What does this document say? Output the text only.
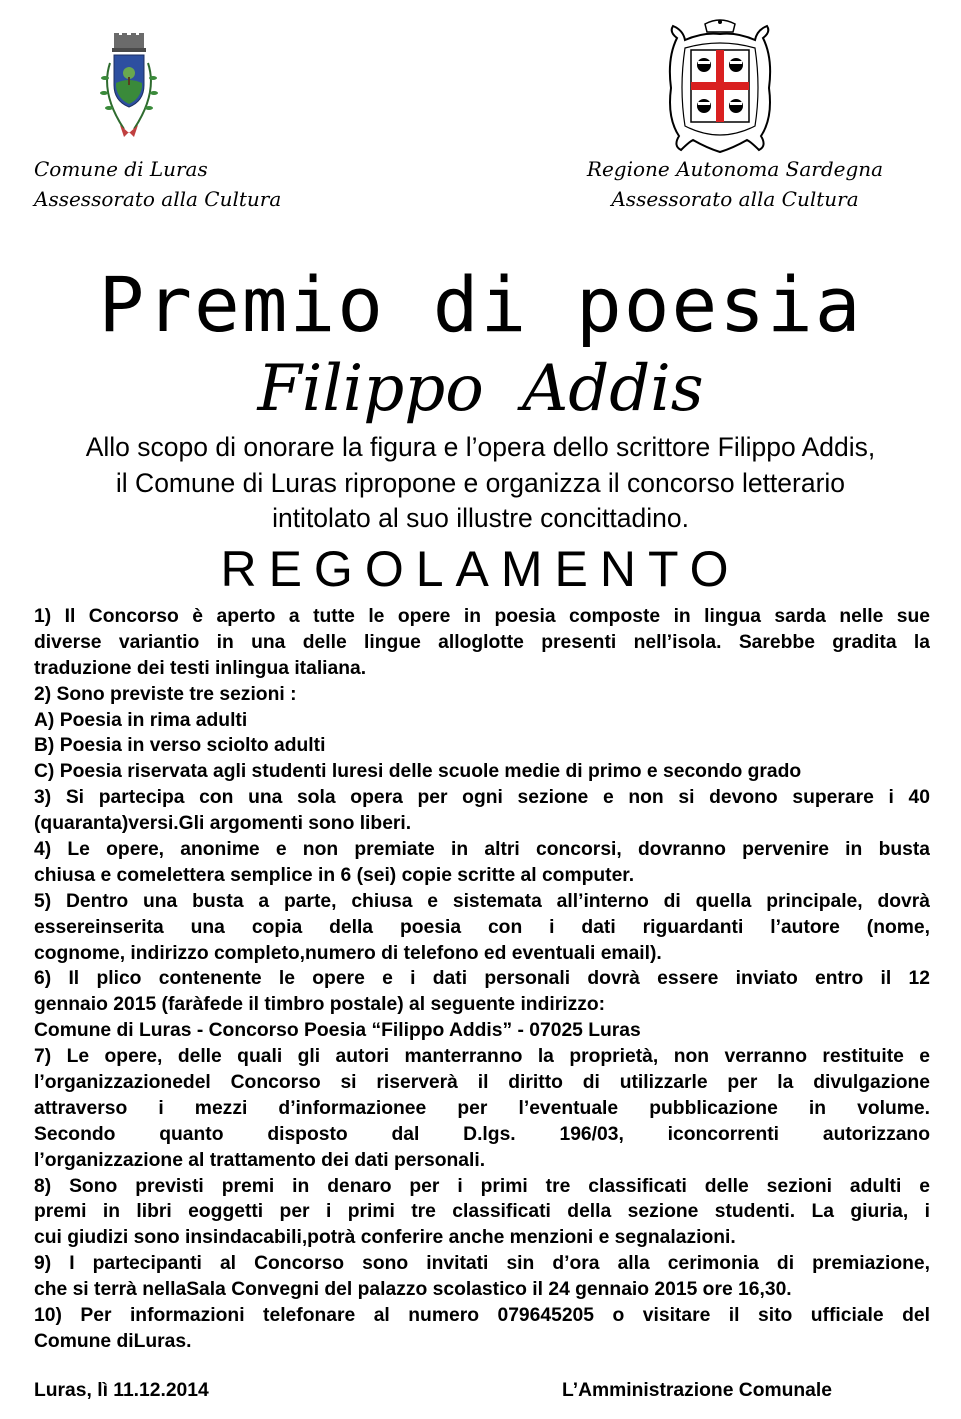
Comune di Luras
Assessorato alla Cultura
Regione Autonoma Sardegna
Assessorato alla Cultura
Premio di poesia
Filippo Addis
Allo scopo di onorare la figura e l’opera dello scrittore Filippo Addis,
il Comune di Luras ripropone e organizza il concorso letterario
intitolato al suo illustre concittadino.
REGOLAMENTO
1) Il Concorso è aperto a tutte le opere in poesia composte in lingua sarda nelle sue
diverse variantio in una delle lingue alloglotte presenti nell’isola. Sarebbe gradita la
traduzione dei testi inlingua italiana.
2) Sono previste tre sezioni :
A) Poesia in rima adulti
B) Poesia in verso sciolto adulti
C) Poesia riservata agli studenti luresi delle scuole medie di primo e secondo grado
3) Si partecipa con una sola opera per ogni sezione e non si devono superare i 40
(quaranta)versi.Gli argomenti sono liberi.
4) Le opere, anonime e non premiate in altri concorsi, dovranno pervenire in busta
chiusa e comelettera semplice in 6 (sei) copie scritte al computer.
5) Dentro una busta a parte, chiusa e sistemata all’interno di quella principale, dovrà
essereinserita una copia della poesia con i dati riguardanti l’autore (nome,
cognome, indirizzo completo,numero di telefono ed eventuali email).
6) Il plico contenente le opere e i dati personali dovrà essere inviato entro il 12
gennaio 2015 (faràfede il timbro postale) al seguente indirizzo:
Comune di Luras - Concorso Poesia “Filippo Addis” - 07025 Luras
7) Le opere, delle quali gli autori manterranno la proprietà, non verranno restituite e
l’organizzazionedel Concorso si riserverà il diritto di utilizzarle per la divulgazione
attraverso i mezzi d’informazionee per l’eventuale pubblicazione in volume.
Secondo quanto disposto dal D.lgs. 196/03, iconcorrenti autorizzano
l’organizzazione al trattamento dei dati personali.
8) Sono previsti premi in denaro per i primi tre classificati delle sezioni adulti e
premi in libri eoggetti per i primi tre classificati della sezione studenti. La giuria, i
cui giudizi sono insindacabili,potrà conferire anche menzioni e segnalazioni.
9) I partecipanti al Concorso sono invitati sin d’ora alla cerimonia di premiazione,
che si terrà nellaSala Convegni del palazzo scolastico il 24 gennaio 2015 ore 16,30.
10) Per informazioni telefonare al numero 079645205 o visitare il sito ufficiale del
Comune diLuras.
Luras, lì 11.12.2014	L’Amministrazione Comunale
